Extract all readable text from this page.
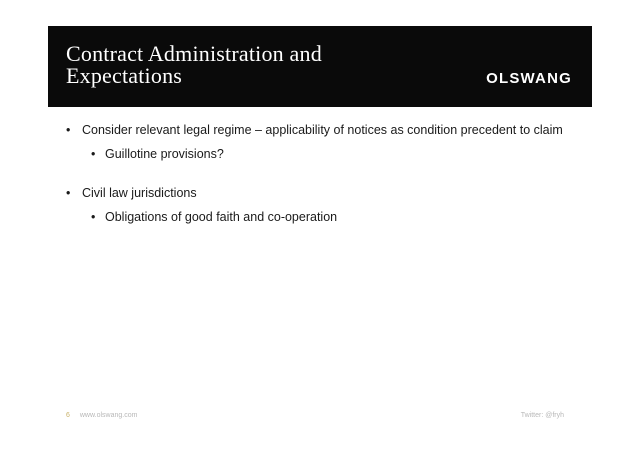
Contract Administration and Expectations	OLSWANG
• Consider relevant legal regime – applicability of notices as condition precedent to claim
• Guillotine provisions?
• Civil law jurisdictions
• Obligations of good faith and co-operation
6 www.olswang.com	Twitter: @fryh
